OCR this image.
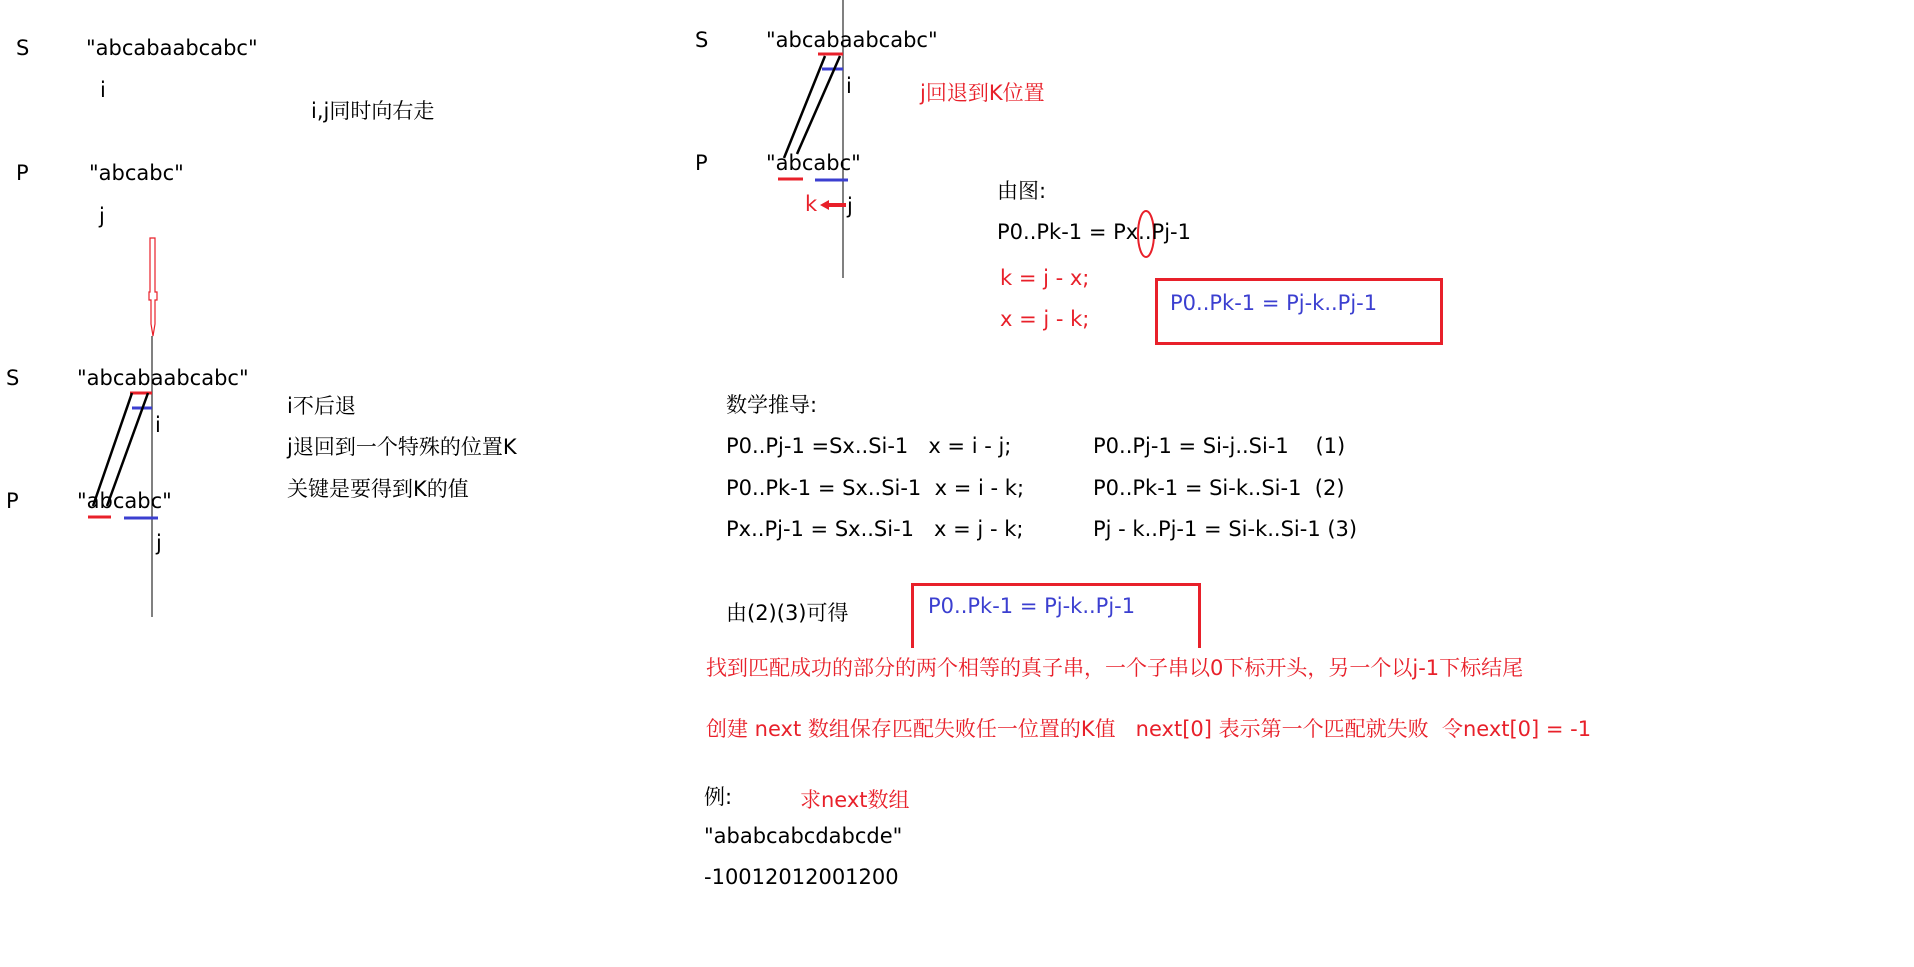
S	"abcabaabcabc"
i
i,j同时向右走
P	"abcabc"
j
S	"abcabaabcabc"
i
P	"abcabc"
j
i不后退
j退回到一个特殊的位置K
关键是要得到K的值
S	"abcabaabcabc"
i	j回退到K位置
P	"abcabc"
k j
由图:
P0..Pk-1 = Px..Pj-1
k = j - x;
x = j - k;
P0..Pk-1 = Pj-k..Pj-1
数学推导:
P0..Pj-1 =Sx..Si-1   x = i - j;	P0..Pj-1 = Si-j..Si-1    (1)
P0..Pk-1 = Sx..Si-1  x = i - k;	P0..Pk-1 = Si-k..Si-1  (2)
Px..Pj-1 = Sx..Si-1   x = j - k;	Pj - k..Pj-1 = Si-k..Si-1 (3)
由(2)(3)可得	P0..Pk-1 = Pj-k..Pj-1
找到匹配成功的部分的两个相等的真子串，一个子串以0下标开头，另一个以j-1下标结尾
创建 next 数组保存匹配失败任一位置的K值   next[0] 表示第一个匹配就失败  令next[0] = -1
例:	求next数组
"ababcabcdabcde"
-10012012001200
